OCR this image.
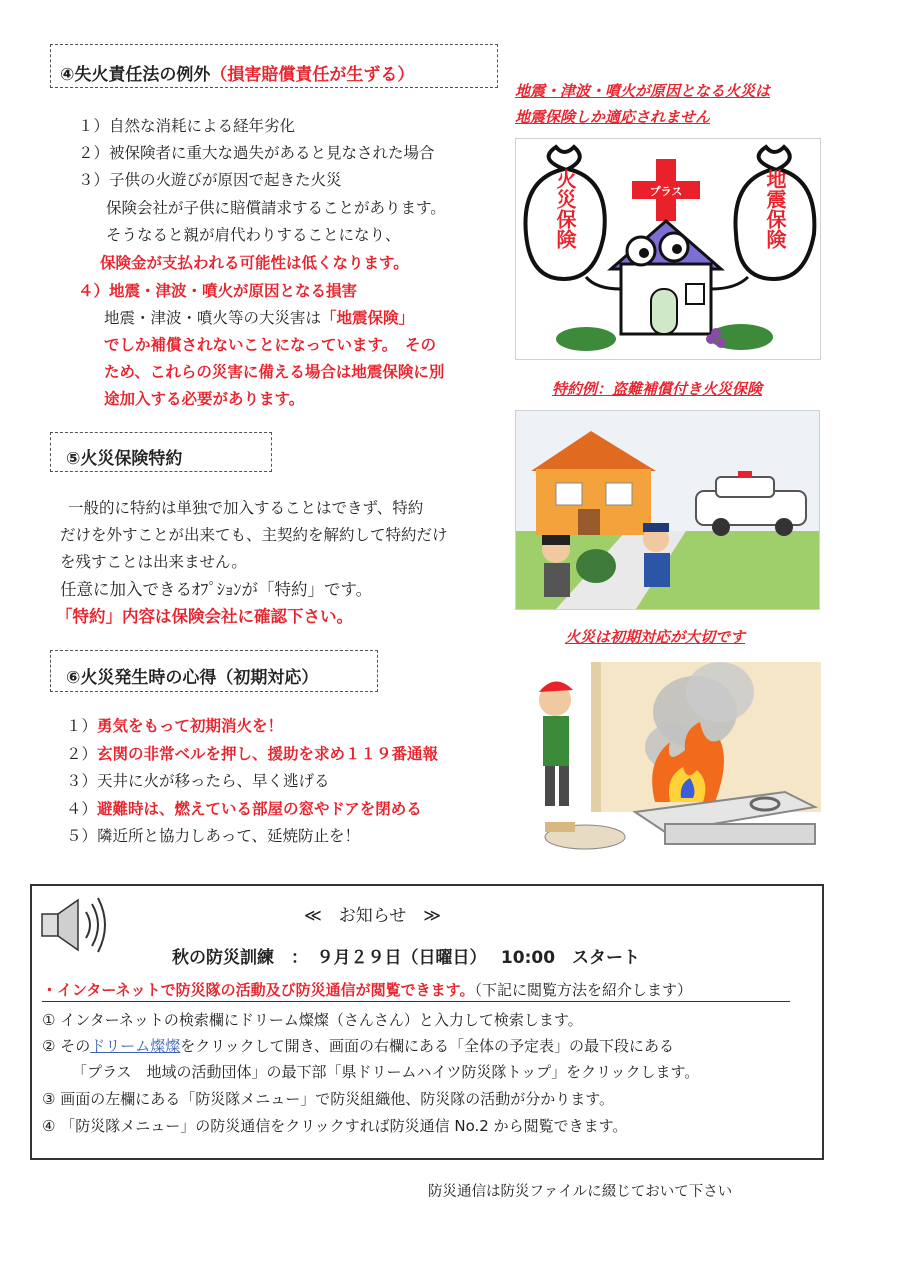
④失火責任法の例外（損害賠償責任が生ずる）
１）自然な消耗による経年劣化
２）被保険者に重大な過失があると見なされた場合
３）子供の火遊びが原因で起きた火災
保険会社が子供に賠償請求することがあります。
そうなると親が肩代わりすることになり、
保険金が支払われる可能性は低くなります。
４）地震・津波・噴火が原因となる損害
地震・津波・噴火等の大災害は「地震保険」
でしか補償されないことになっています。　その
ため、これらの災害に備える場合は地震保険に別
途加入する必要があります。
⑤火災保険特約
一般的に特約は単独で加入することはできず、特約
だけを外すことが出来ても、主契約を解約して特約だけ
を残すことは出来ません。
任意に加入できるｵﾌﾟｼｮﾝが「特約」です。
「特約」内容は保険会社に確認下さい。
⑥火災発生時の心得（初期対応）
１）勇気をもって初期消火を！
２）玄関の非常ベルを押し、援助を求め１１９番通報
３）天井に火が移ったら、早く逃げる
４）避難時は、燃えている部屋の窓やドアを閉める
５）隣近所と協力しあって、延焼防止を！
地震・津波・噴火が原因となる火災は
地震保険しか適応されません
火災保険	地震保険
プラス
特約例：盗難補償付き火災保険
火災は初期対応が大切です
≪　お知らせ　≫
秋の防災訓練　：　９月２９日（日曜日）　 10:00　スタート
・インターネットで防災隊の活動及び防災通信が閲覧できます。（下記に閲覧方法を紹介します）
① インターネットの検索欄にドリーム燦燦（さんさん）と入力して検索します。
② そのドリーム燦燦をクリックして開き、画面の右欄にある「全体の予定表」の最下段にある
「プラス　地域の活動団体」の最下部「県ドリームハイツ防災隊トップ」をクリックします。
③ 画面の左欄にある「防災隊メニュー」で防災組織他、防災隊の活動が分かります。
④ 「防災隊メニュー」の防災通信をクリックすれば防災通信 No.2 から閲覧できます。
防災通信は防災ファイルに綴じておいて下さい
